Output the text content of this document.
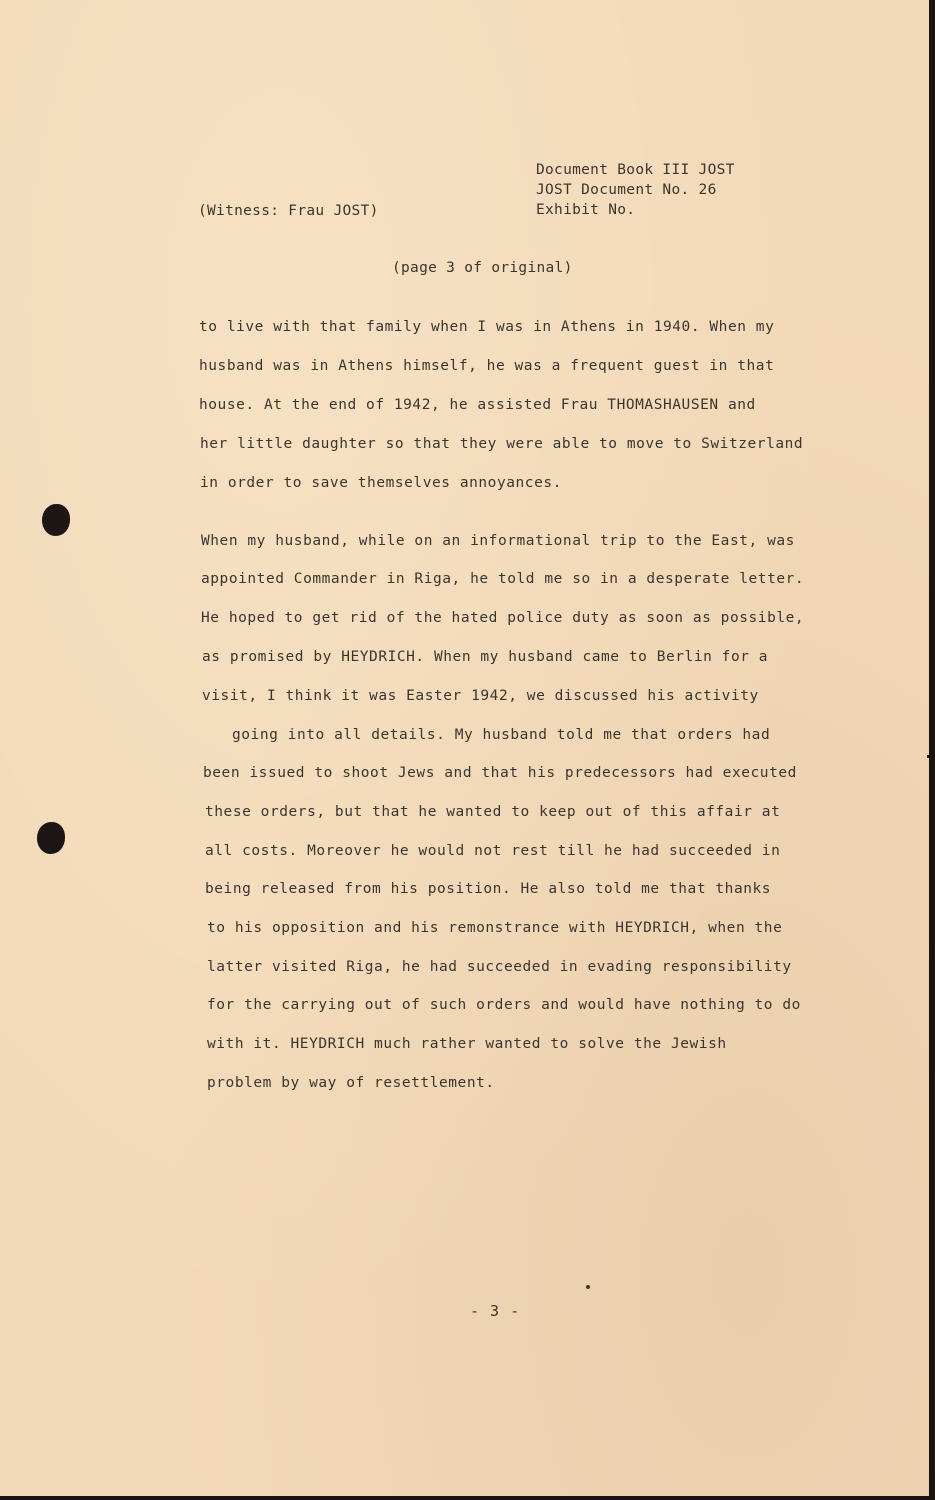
Document Book III JOST
JOST Document No. 26
Exhibit No.
(Witness: Frau JOST)
(page 3 of original)
to live with that family when I was in Athens in 1940. When my
husband was in Athens himself, he was a frequent guest in that
house. At the end of 1942, he assisted Frau THOMASHAUSEN and
her little daughter so that they were able to move to Switzerland
in order to save themselves annoyances.
When my husband, while on an informational trip to the East, was
appointed Commander in Riga, he told me so in a desperate letter.
He hoped to get rid of the hated police duty as soon as possible,
as promised by HEYDRICH. When my husband came to Berlin for a
visit, I think it was Easter 1942, we discussed his activity
going into all details. My husband told me that orders had
been issued to shoot Jews and that his predecessors had executed
these orders, but that he wanted to keep out of this affair at
all costs. Moreover he would not rest till he had succeeded in
being released from his position. He also told me that thanks
to his opposition and his remonstrance with HEYDRICH, when the
latter visited Riga, he had succeeded in evading responsibility
for the carrying out of such orders and would have nothing to do
with it. HEYDRICH much rather wanted to solve the Jewish
problem by way of resettlement.
- 3 -
